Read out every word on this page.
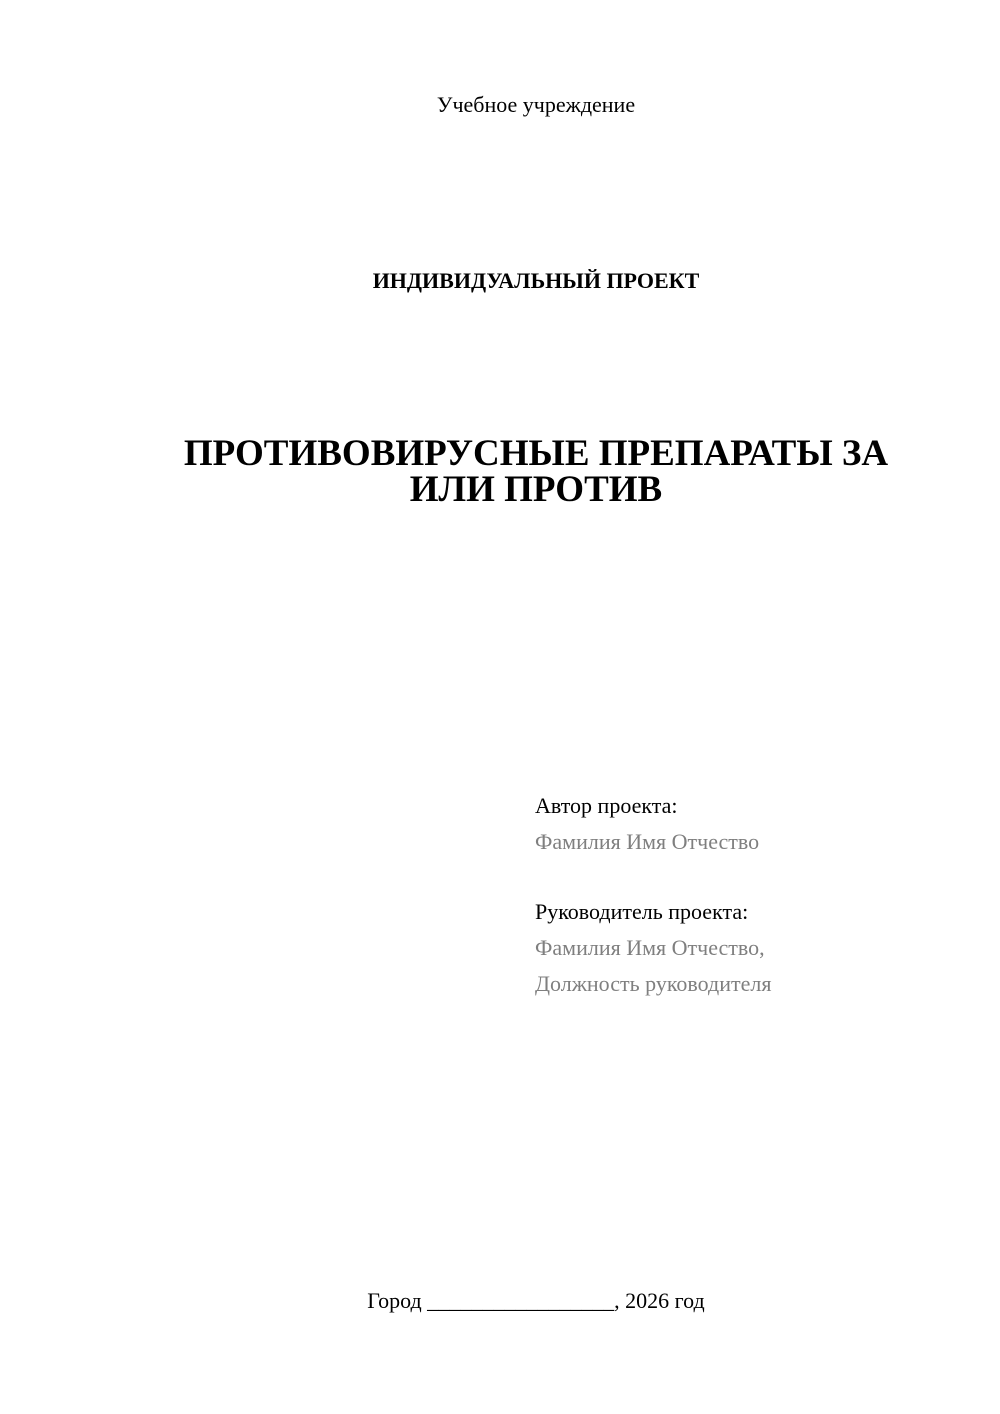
Учебное учреждение
ИНДИВИДУАЛЬНЫЙ ПРОЕКТ
ПРОТИВОВИРУСНЫЕ ПРЕПАРАТЫ ЗА
ИЛИ ПРОТИВ
Автор проекта:
Фамилия Имя Отчество
Руководитель проекта:
Фамилия Имя Отчество,
Должность руководителя
Город _________________, 2026 год
